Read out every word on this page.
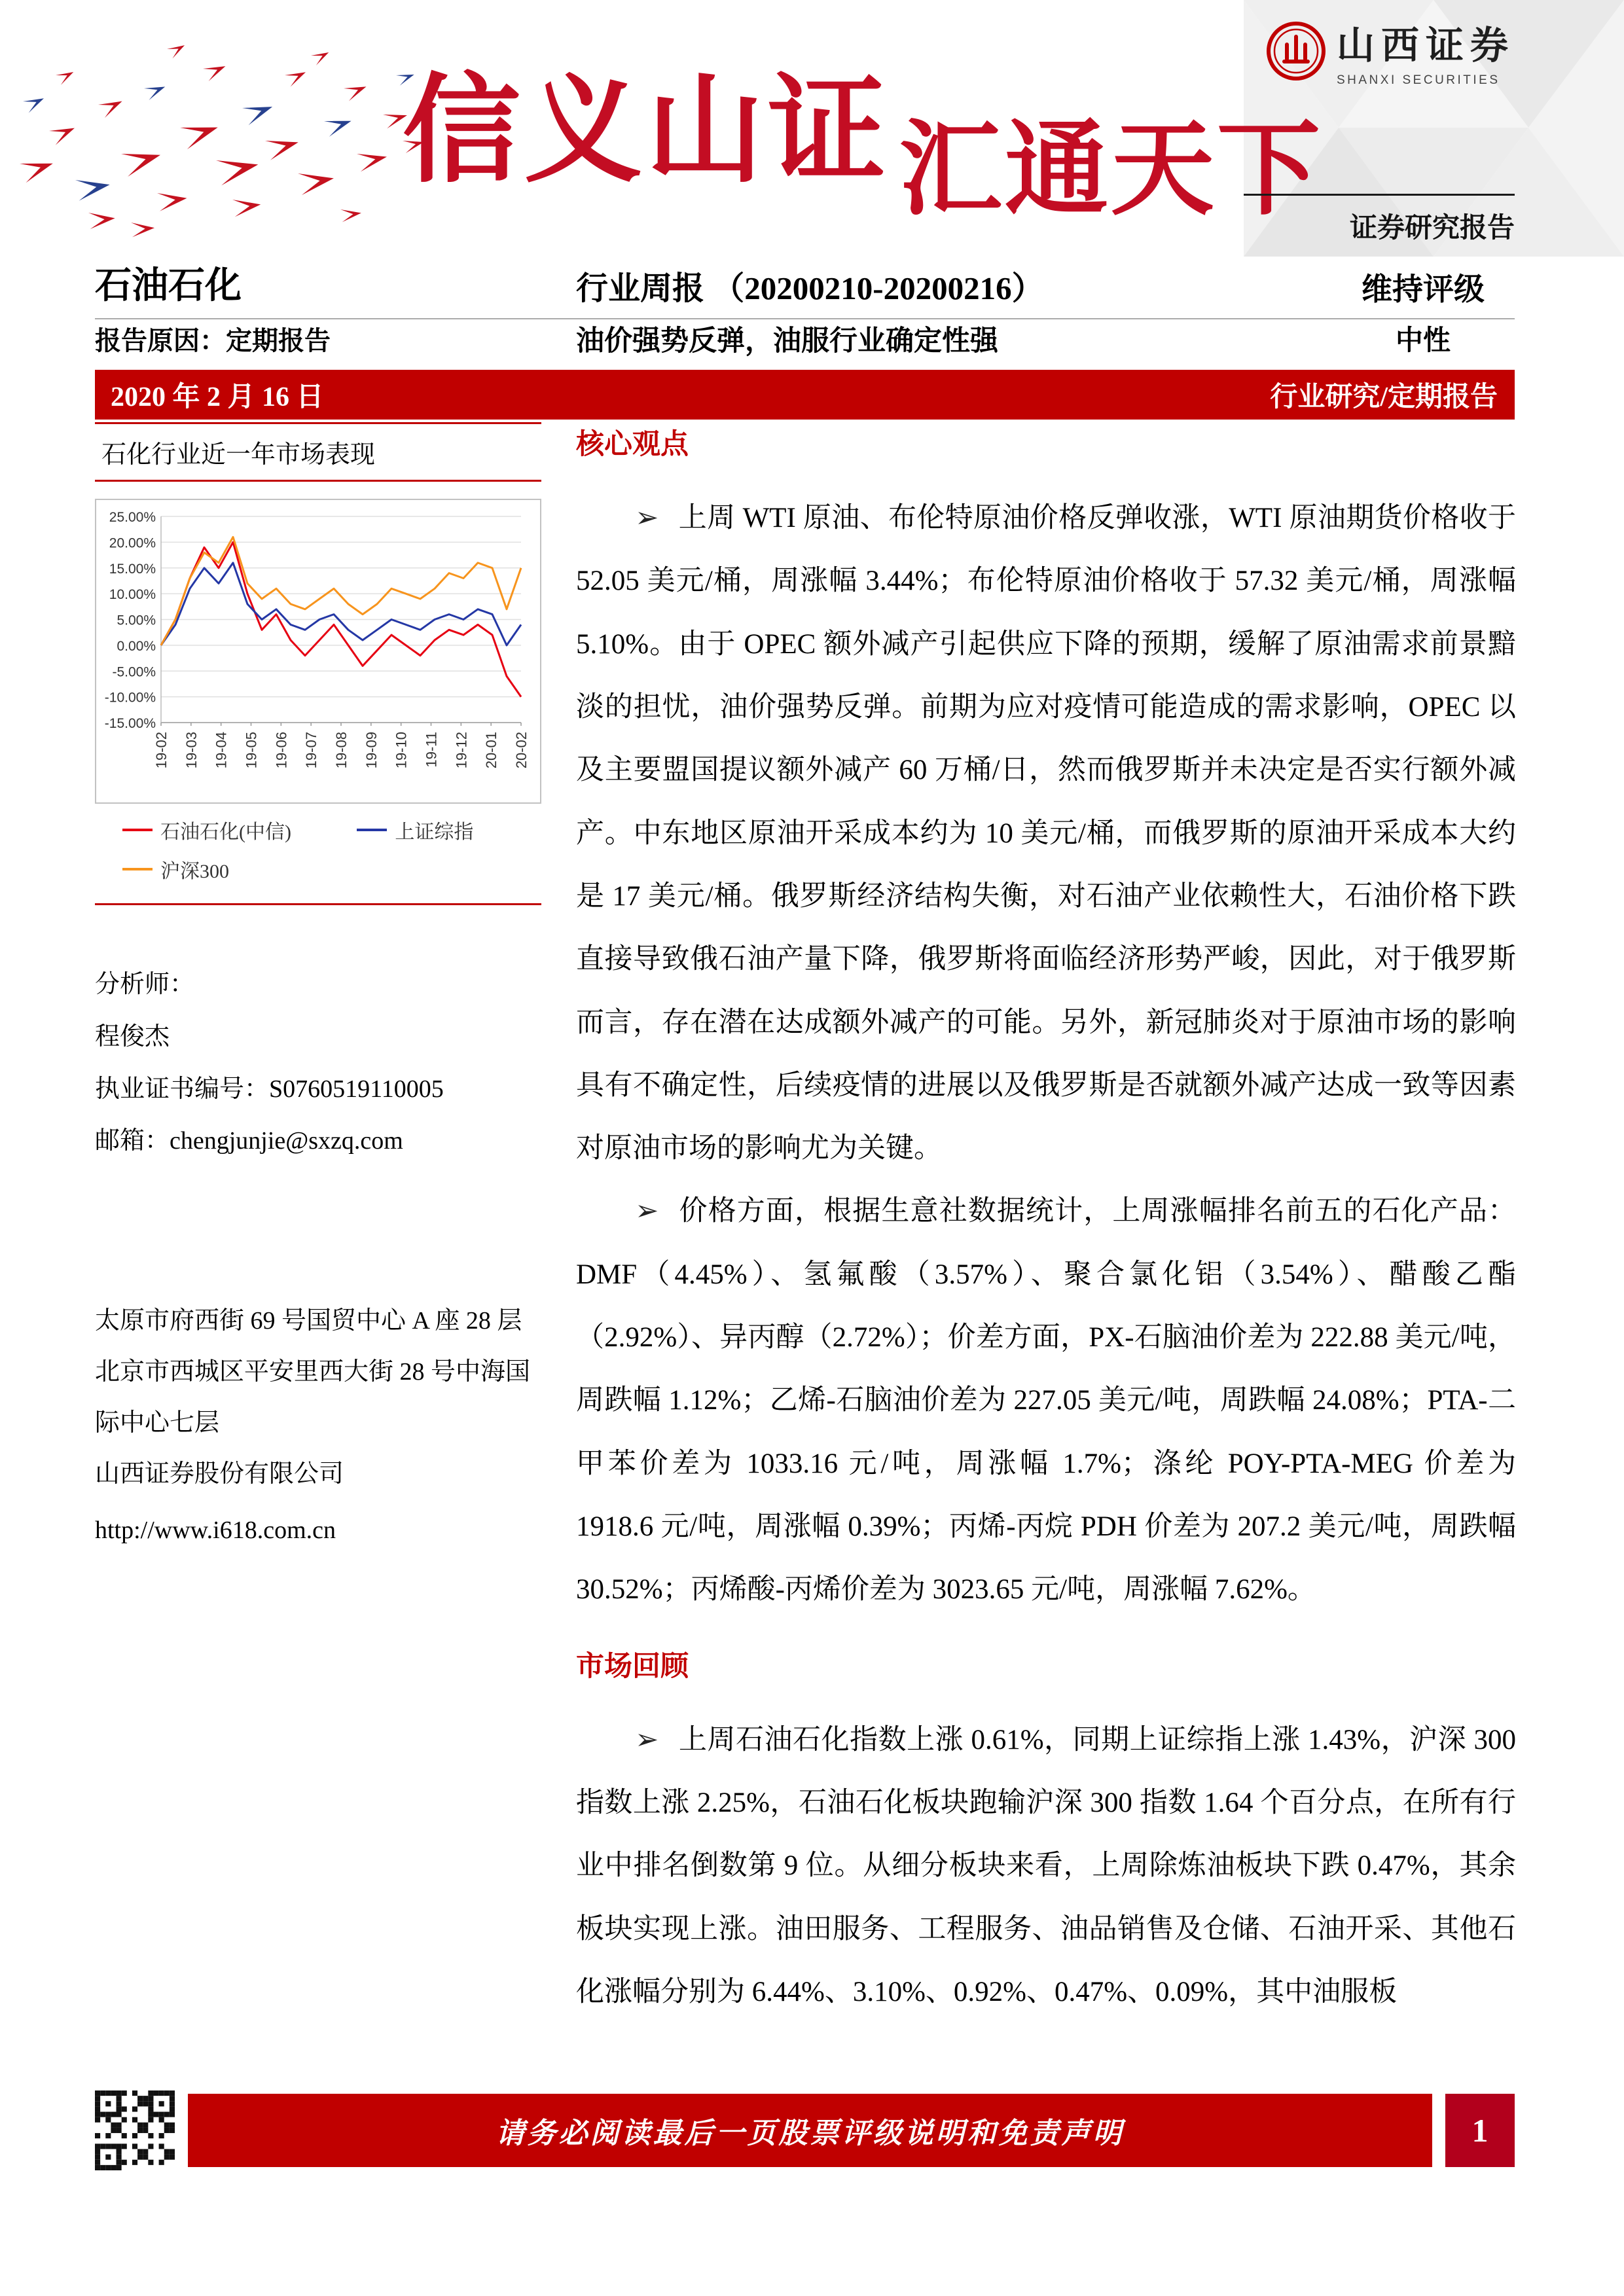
信义山证汇通天下
山西证券
SHANXI SECURITIES
证券研究报告
石油石化	行业周报 （20200210-20200216）	维持评级
报告原因：定期报告	油价强势反弹，油服行业确定性强	中性
2020 年 2 月 16 日	行业研究/定期报告
石化行业近一年市场表现
25.00%
20.00%
15.00%
10.00%
5.00%
0.00%
-5.00%
-10.00%
-15.00%
19-02 19-03 19-04 19-05 19-06 19-07 19-08 19-09 19-10 19-11 19-12 20-01 20-02
石油石化(中信)	上证综指
沪深300
分析师：
程俊杰
执业证书编号：S0760519110005
邮箱：chengjunjie@sxzq.com
太原市府西街 69 号国贸中心 A 座 28 层
北京市西城区平安里西大街 28 号中海国际中心七层
山西证券股份有限公司
http://www.i618.com.cn
核心观点

➢ 上周 WTI 原油、布伦特原油价格反弹收涨，WTI 原油期货价格收于 52.05 美元/桶，周涨幅 3.44%；布伦特原油价格收于 57.32 美元/桶，周涨幅 5.10%。由于 OPEC 额外减产引起供应下降的预期，缓解了原油需求前景黯淡的担忧，油价强势反弹。前期为应对疫情可能造成的需求影响，OPEC 以及主要盟国提议额外减产 60 万桶/日，然而俄罗斯并未决定是否实行额外减产。中东地区原油开采成本约为 10 美元/桶，而俄罗斯的原油开采成本大约是 17 美元/桶。俄罗斯经济结构失衡，对石油产业依赖性大，石油价格下跌直接导致俄石油产量下降，俄罗斯将面临经济形势严峻，因此，对于俄罗斯而言，存在潜在达成额外减产的可能。另外，新冠肺炎对于原油市场的影响具有不确定性，后续疫情的进展以及俄罗斯是否就额外减产达成一致等因素对原油市场的影响尤为关键。

➢ 价格方面，根据生意社数据统计，上周涨幅排名前五的石化产品：DMF（4.45%）、氢氟酸（3.57%）、聚合氯化铝（3.54%）、醋酸乙酯（2.92%）、异丙醇（2.72%）；价差方面，PX-石脑油价差为 222.88 美元/吨，周跌幅 1.12%；乙烯-石脑油价差为 227.05 美元/吨，周跌幅 24.08%；PTA-二甲苯价差为 1033.16 元/吨，周涨幅 1.7%；涤纶 POY-PTA-MEG 价差为 1918.6 元/吨，周涨幅 0.39%；丙烯-丙烷 PDH 价差为 207.2 美元/吨，周跌幅 30.52%；丙烯酸-丙烯价差为 3023.65 元/吨，周涨幅 7.62%。

市场回顾

➢ 上周石油石化指数上涨 0.61%，同期上证综指上涨 1.43%，沪深 300 指数上涨 2.25%，石油石化板块跑输沪深 300 指数 1.64 个百分点，在所有行业中排名倒数第 9 位。从细分板块来看，上周除炼油板块下跌 0.47%，其余板块实现上涨。油田服务、工程服务、油品销售及仓储、石油开采、其他石化涨幅分别为 6.44%、3.10%、0.92%、0.47%、0.09%，其中油服板

请务必阅读最后一页股票评级说明和免责声明	1
